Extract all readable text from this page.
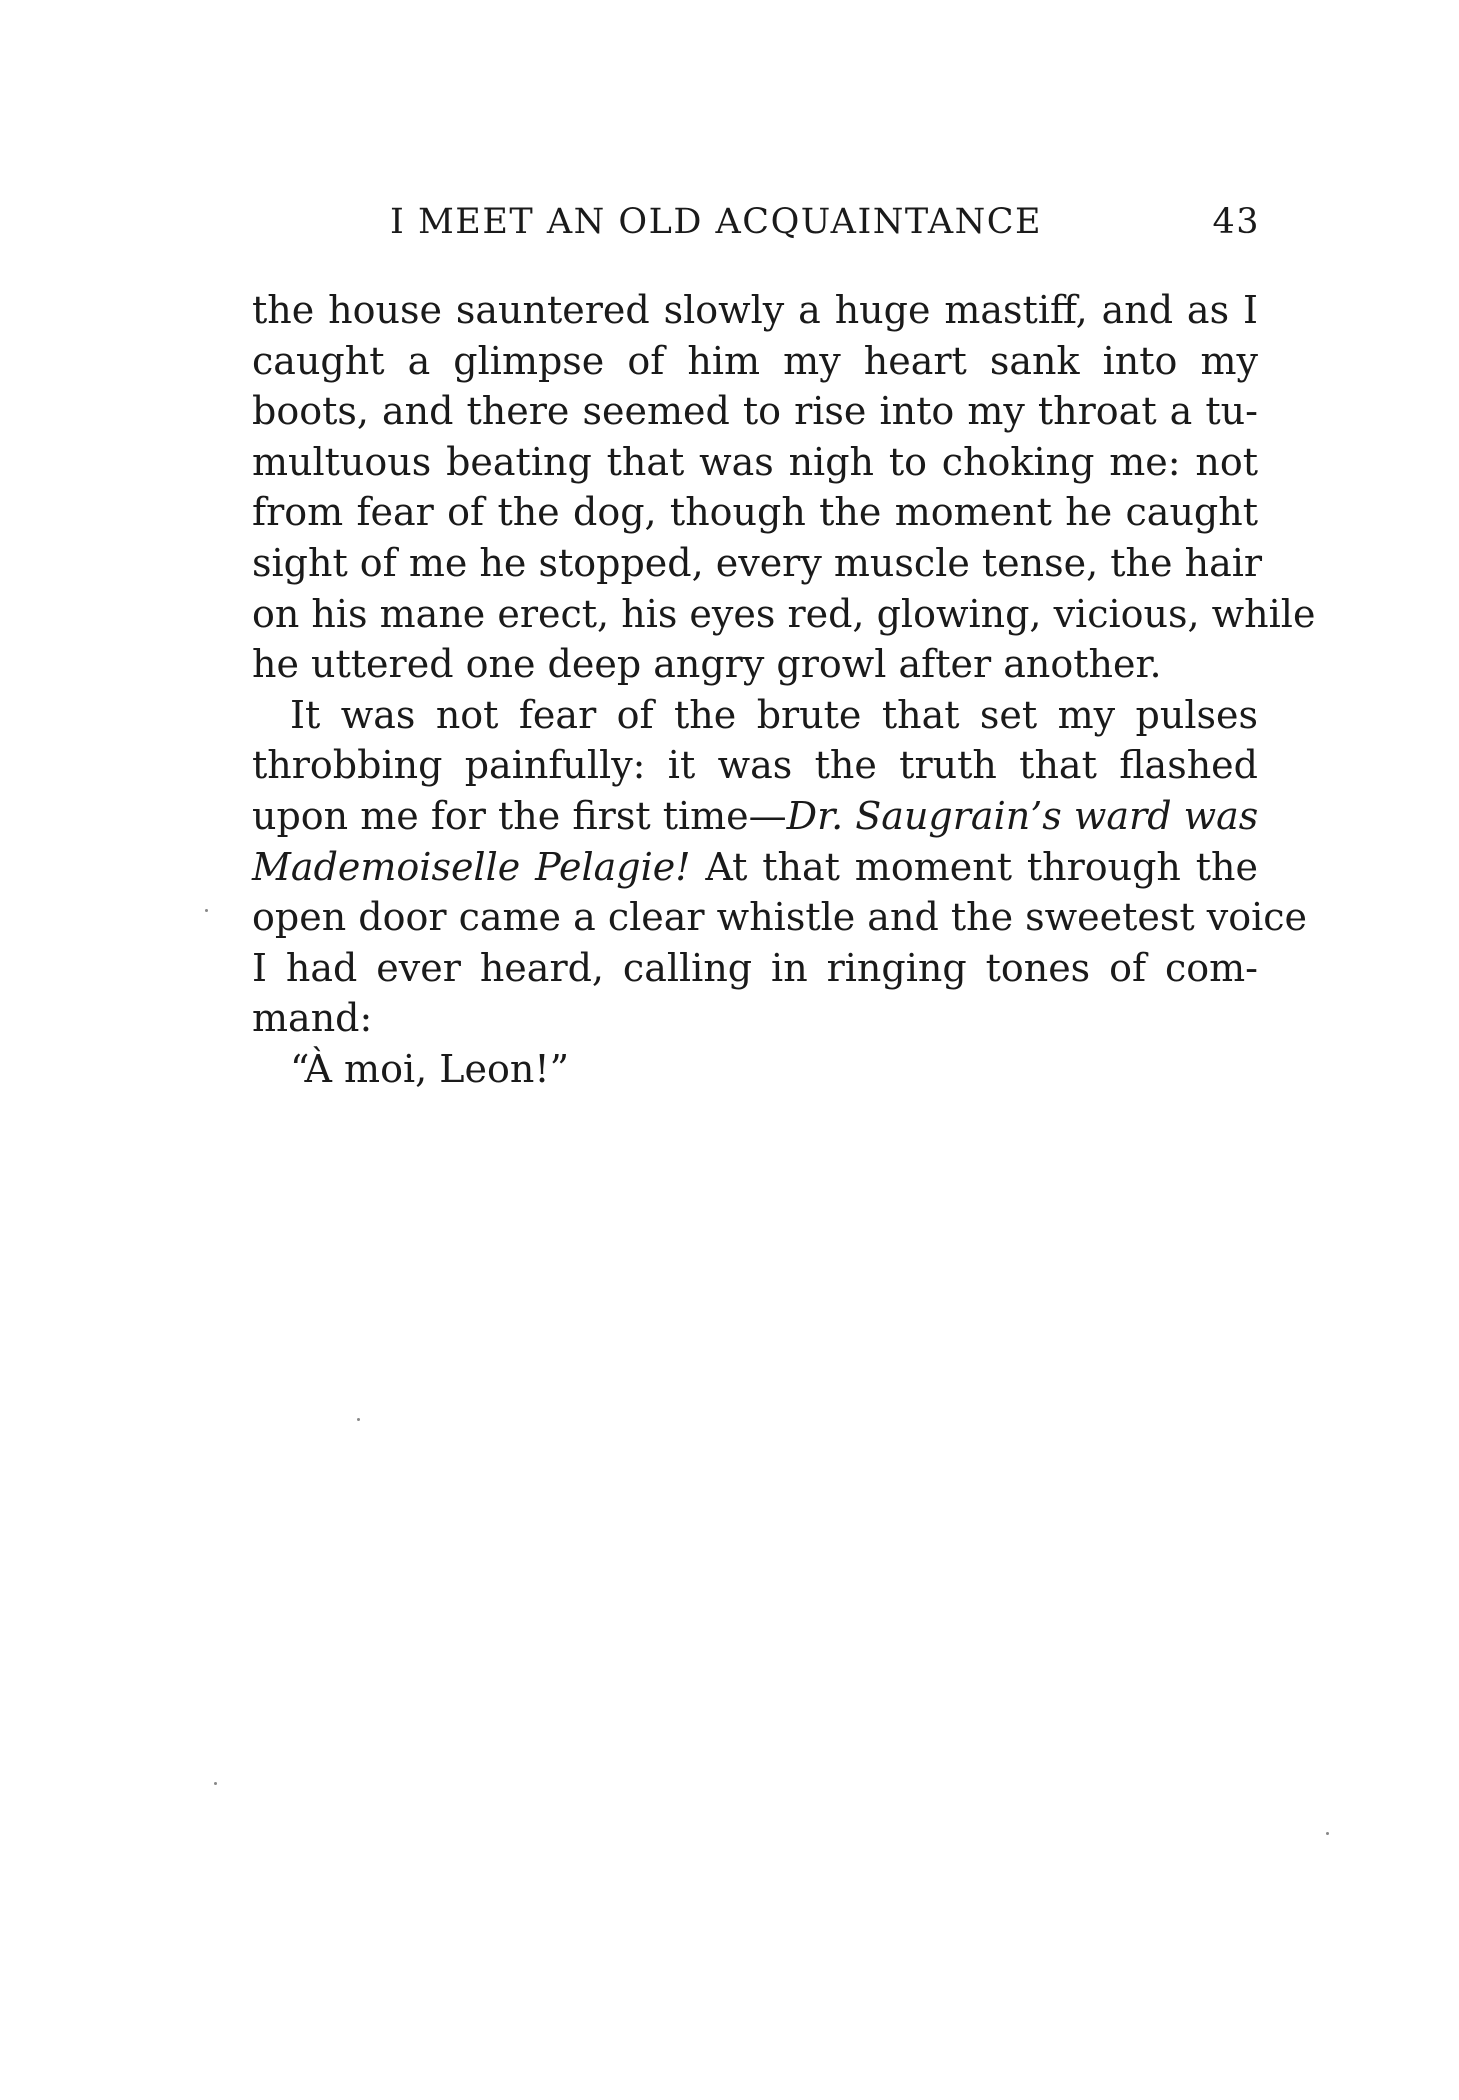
I MEET AN OLD ACQUAINTANCE	43
the house sauntered slowly a huge mastiff, and as I
caught a glimpse of him my heart sank into my
boots, and there seemed to rise into my throat a tu-
multuous beating that was nigh to choking me: not
from fear of the dog, though the moment he caught
sight of me he stopped, every muscle tense, the hair
on his mane erect, his eyes red, glowing, vicious, while
he uttered one deep angry growl after another.
It was not fear of the brute that set my pulses
throbbing painfully: it was the truth that flashed
upon me for the first time—Dr. Saugrain’s ward was
Mademoiselle Pelagie! At that moment through the
open door came a clear whistle and the sweetest voice
I had ever heard, calling in ringing tones of com-
mand:
“À moi, Leon!”
